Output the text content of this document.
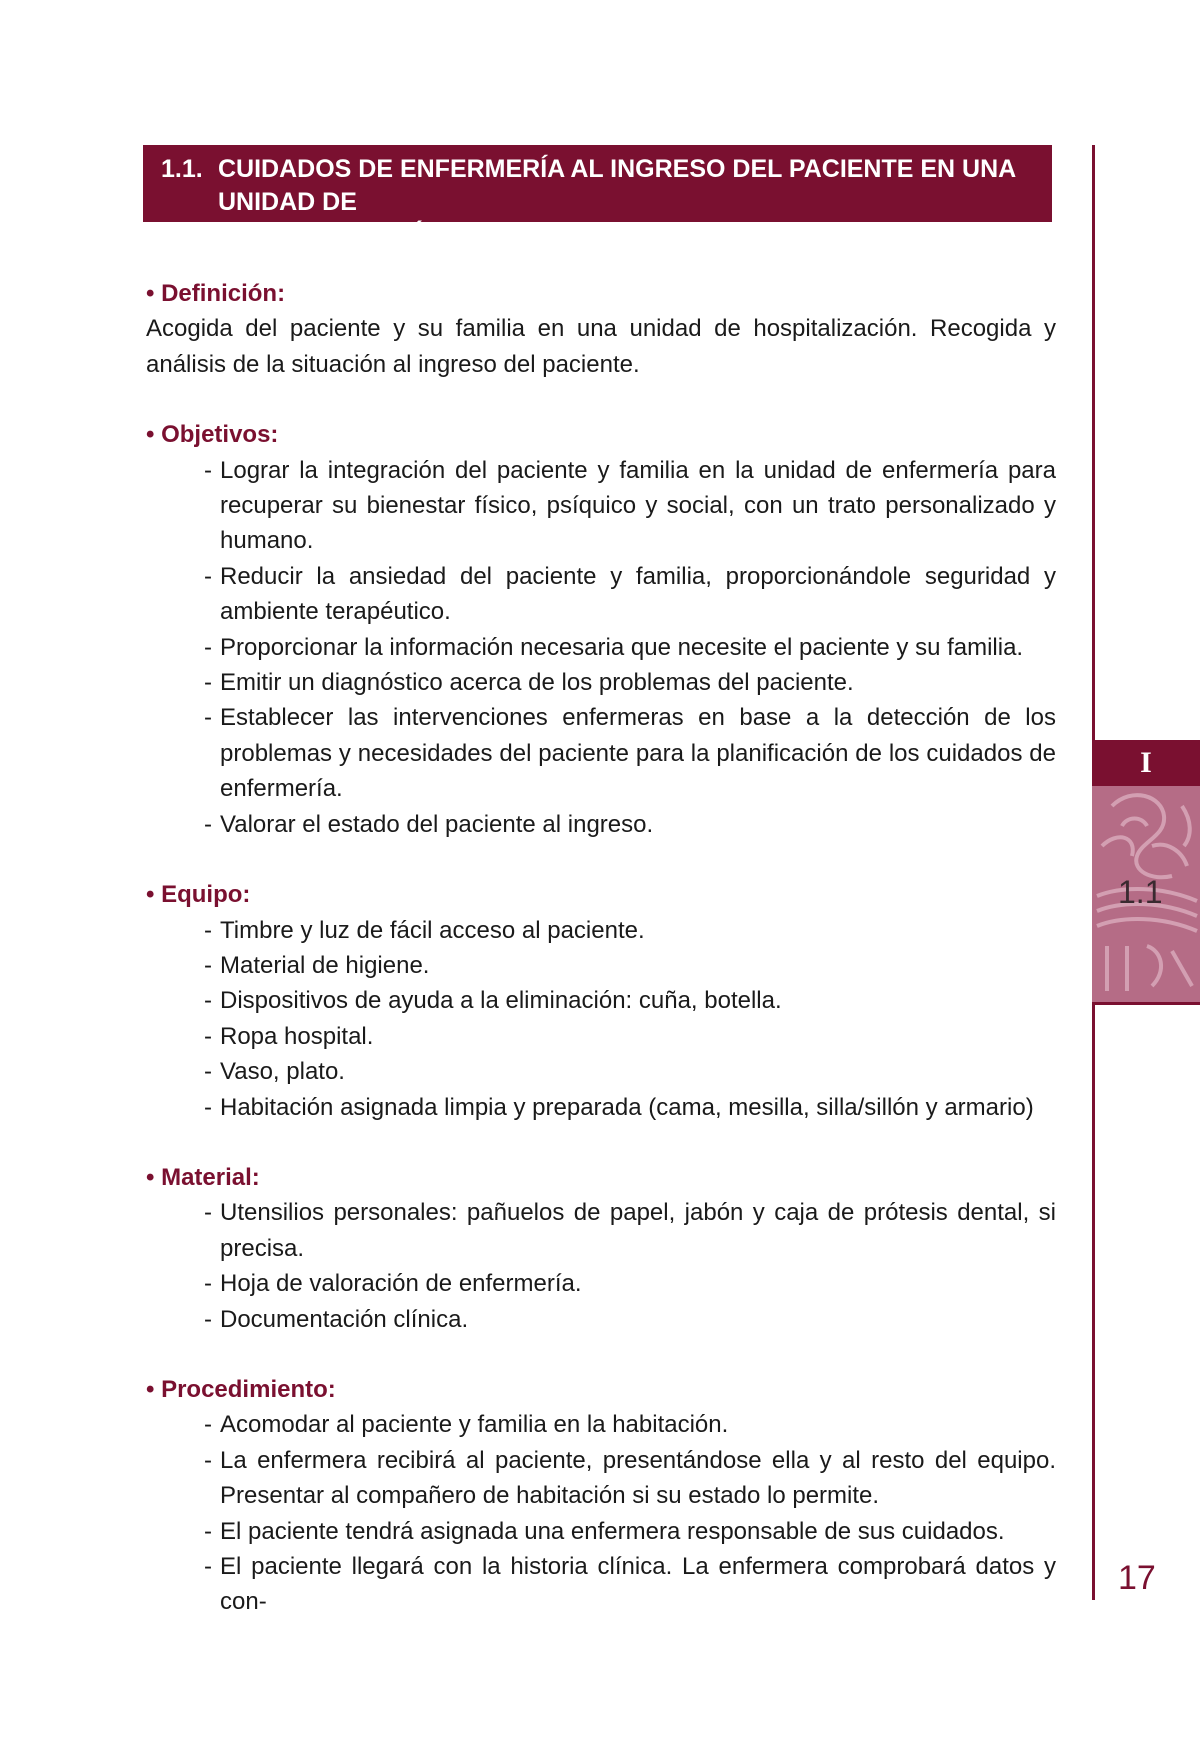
1.1. CUIDADOS DE ENFERMERÍA AL INGRESO DEL PACIENTE EN UNA UNIDAD DE
HOSPITALIZACIÓN

• Definición:

Acogida del paciente y su familia en una unidad de hospitalización. Recogida y análisis de la situación al ingreso del paciente.

• Objetivos:

- Lograr la integración del paciente y familia en la unidad de enfermería para recuperar su bienestar físico, psíquico y social, con un trato personalizado y humano.
- Reducir la ansiedad del paciente y familia, proporcionándole seguridad y ambiente terapéutico.
- Proporcionar la información necesaria que necesite el paciente y su familia.
- Emitir un diagnóstico acerca de los problemas del paciente.
- Establecer las intervenciones enfermeras en base a la detección de los problemas y necesidades del paciente para la planificación de los cuidados de enfermería.
- Valorar el estado del paciente al ingreso.

• Equipo:

- Timbre y luz de fácil acceso al paciente.
- Material de higiene.
- Dispositivos de ayuda a la eliminación: cuña, botella.
- Ropa hospital.
- Vaso, plato.
- Habitación asignada limpia y preparada (cama, mesilla, silla/sillón y armario)

• Material:

- Utensilios personales: pañuelos de papel, jabón y caja de prótesis dental, si precisa.
- Hoja de valoración de enfermería.
- Documentación clínica.

• Procedimiento:

- Acomodar al paciente y familia en la habitación.
- La enfermera recibirá al paciente, presentándose ella y al resto del equipo. Presentar al compañero de habitación si su estado lo permite.
- El paciente tendrá asignada una enfermera responsable de sus cuidados.
- El paciente llegará con la historia clínica. La enfermera comprobará datos y con-
I
1.1
17
